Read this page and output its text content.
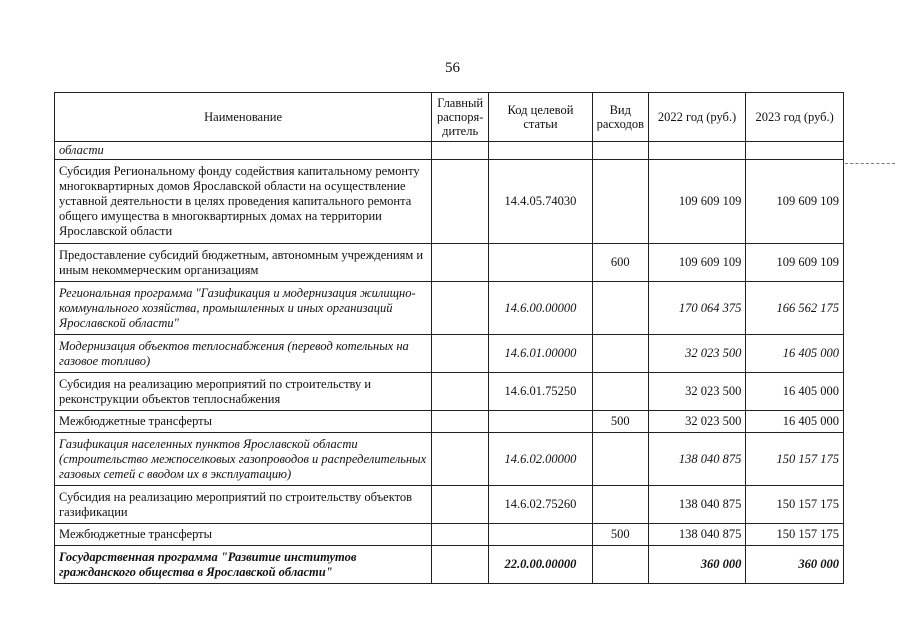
56
Наименование	Главный распоря-дитель	Код целевой статьи	Вид расходов	2022 год (руб.)	2023 год (руб.)
области					
Субсидия Региональному фонду содействия капитальному ремонту многоквартирных домов Ярославской области на осуществление уставной деятельности в целях проведения капитального ремонта общего имущества в многоквартирных домах на территории Ярославской области		14.4.05.74030		109 609 109	109 609 109
Предоставление субсидий бюджетным, автономным учреждениям и иным некоммерческим организациям			600	109 609 109	109 609 109
Региональная программа "Газификация и модернизация жилищно-коммунального хозяйства, промышленных и иных организаций Ярославской области"		14.6.00.00000		170 064 375	166 562 175
Модернизация объектов теплоснабжения (перевод котельных на газовое топливо)		14.6.01.00000		32 023 500	16 405 000
Субсидия на реализацию мероприятий по строительству и реконструкции объектов теплоснабжения		14.6.01.75250		32 023 500	16 405 000
Межбюджетные трансферты			500	32 023 500	16 405 000
Газификация населенных пунктов Ярославской области (строительство межпоселковых газопроводов и распределительных газовых сетей с вводом их в эксплуатацию)		14.6.02.00000		138 040 875	150 157 175
Субсидия на реализацию мероприятий по строительству объектов газификации		14.6.02.75260		138 040 875	150 157 175
Межбюджетные трансферты			500	138 040 875	150 157 175
Государственная программа "Развитие институтов гражданского общества в Ярославской области"		22.0.00.00000		360 000	360 000
